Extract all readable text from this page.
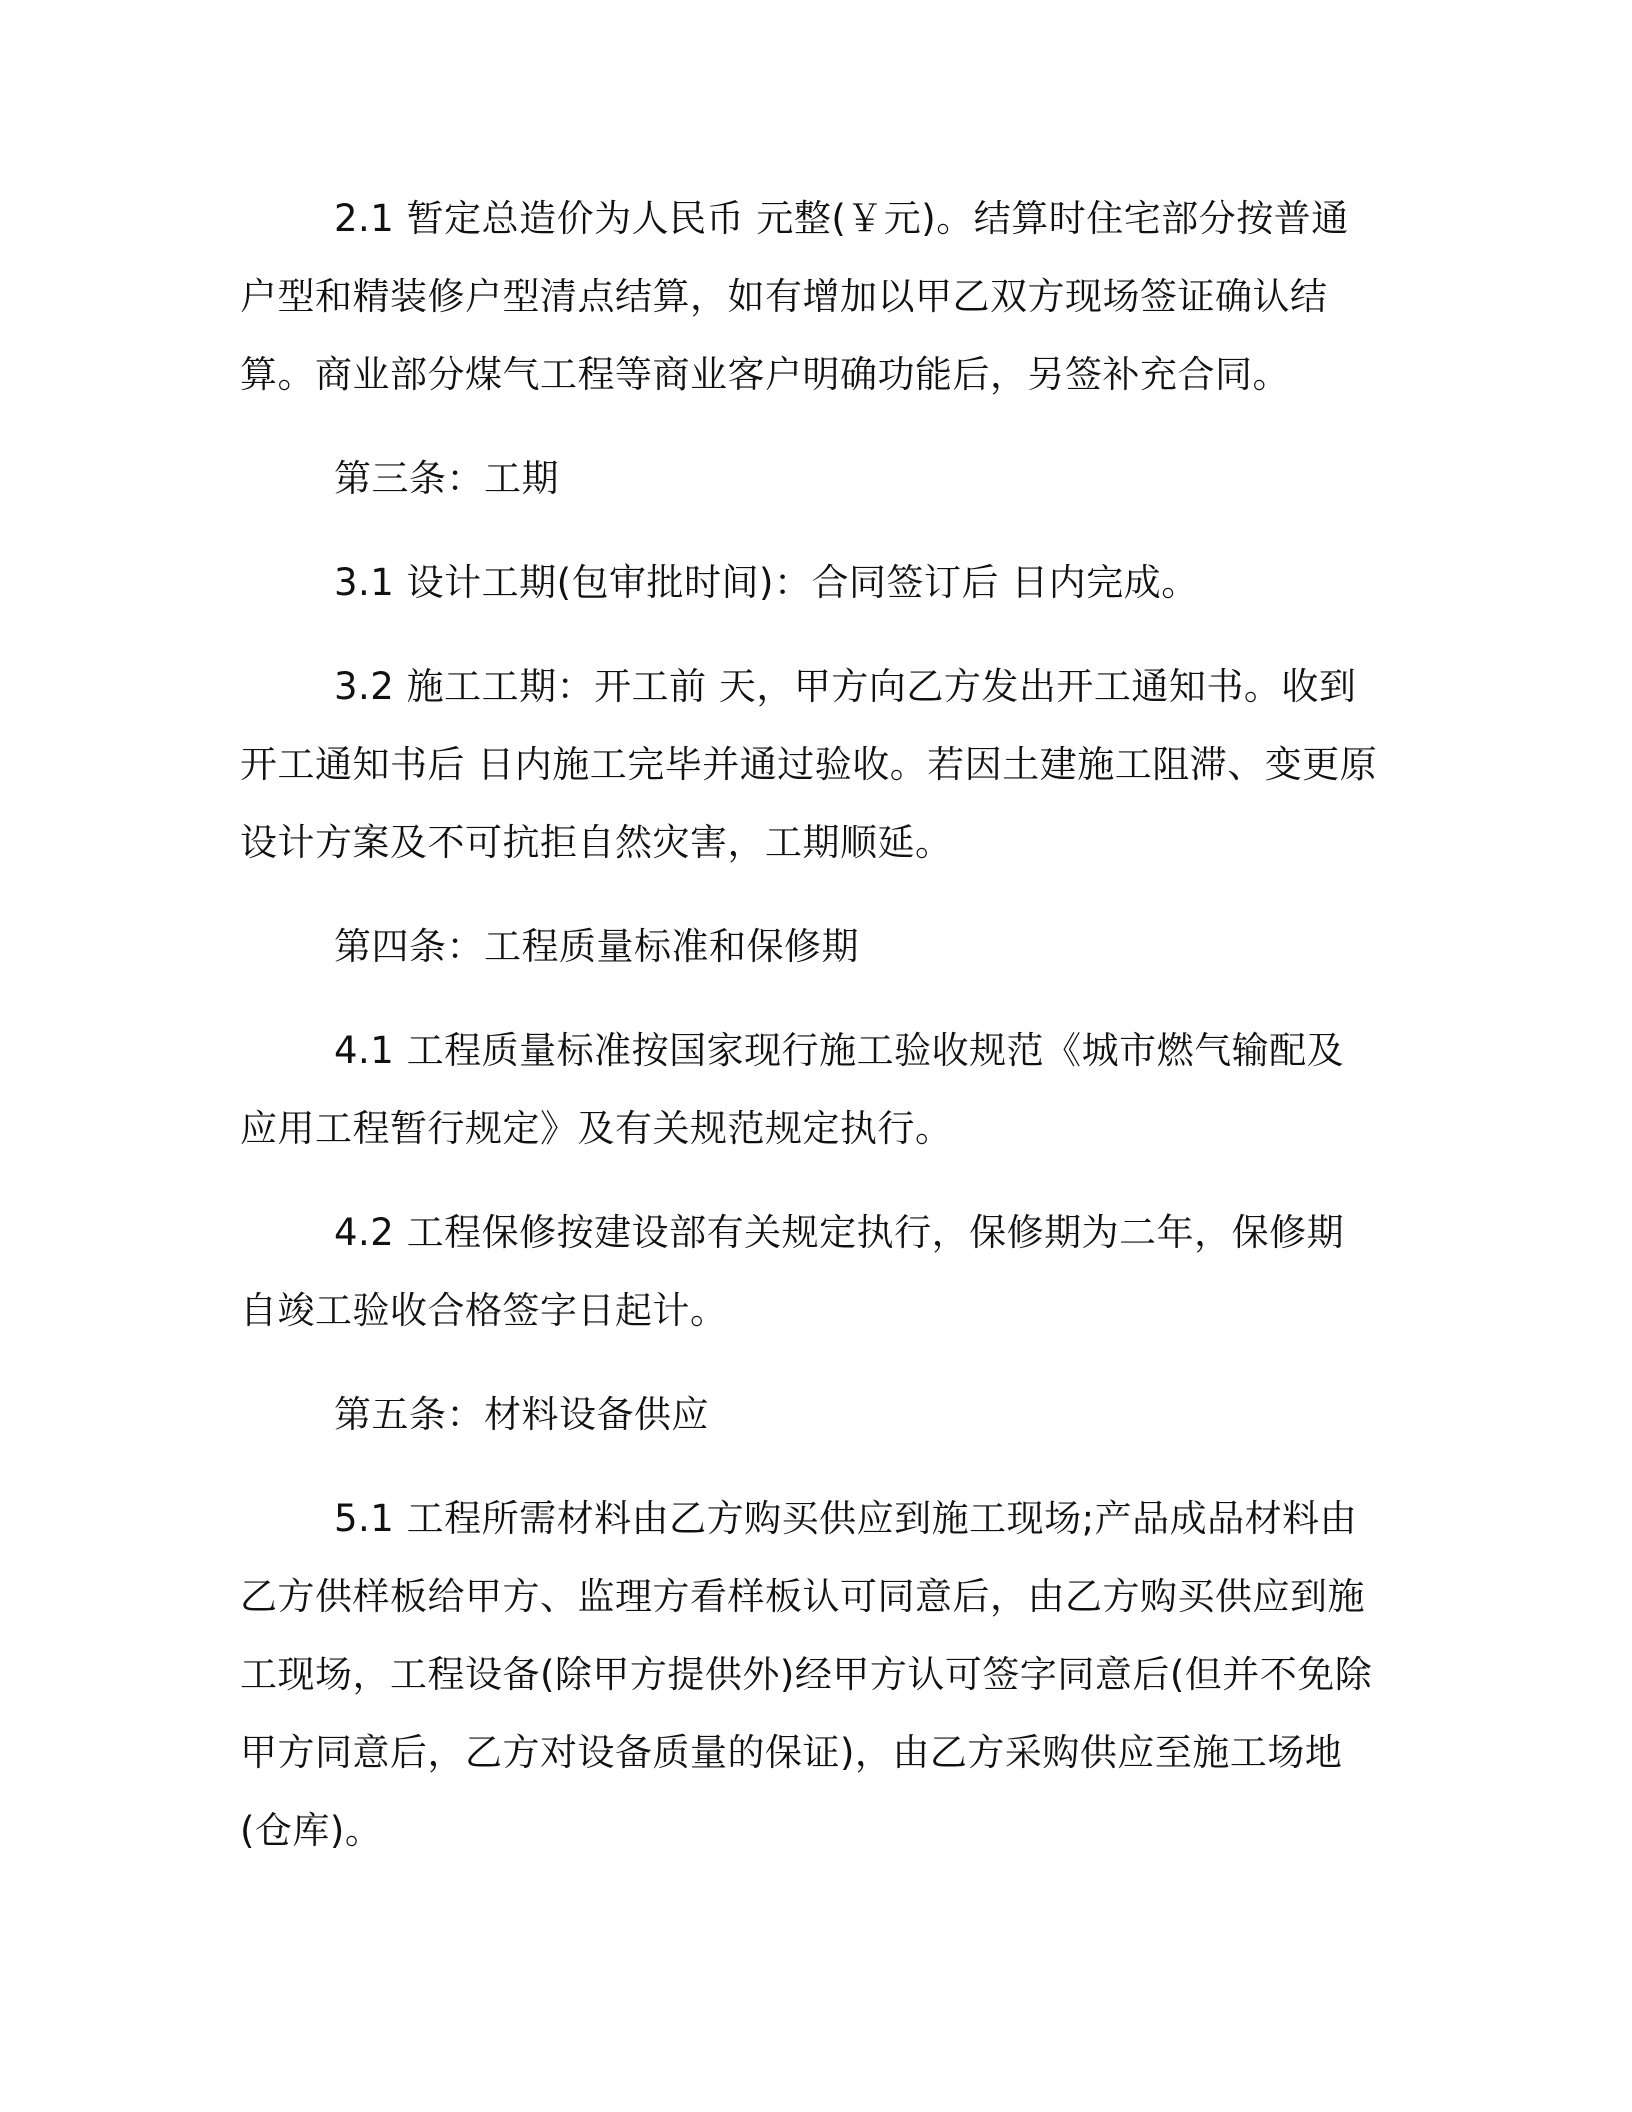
2.1 暂定总造价为人民币 元整(￥元)。结算时住宅部分按普通户型和精装修户型清点结算，如有增加以甲乙双方现场签证确认结算。商业部分煤气工程等商业客户明确功能后，另签补充合同。

第三条：工期

3.1 设计工期(包审批时间)：合同签订后 日内完成。

3.2 施工工期：开工前 天，甲方向乙方发出开工通知书。收到开工通知书后 日内施工完毕并通过验收。若因土建施工阻滞、变更原设计方案及不可抗拒自然灾害，工期顺延。

第四条：工程质量标准和保修期

4.1 工程质量标准按国家现行施工验收规范《城市燃气输配及应用工程暂行规定》及有关规范规定执行。

4.2 工程保修按建设部有关规定执行，保修期为二年，保修期自竣工验收合格签字日起计。

第五条：材料设备供应

5.1 工程所需材料由乙方购买供应到施工现场;产品成品材料由乙方供样板给甲方、监理方看样板认可同意后，由乙方购买供应到施工现场，工程设备(除甲方提供外)经甲方认可签字同意后(但并不免除甲方同意后，乙方对设备质量的保证)，由乙方采购供应至施工场地(仓库)。
